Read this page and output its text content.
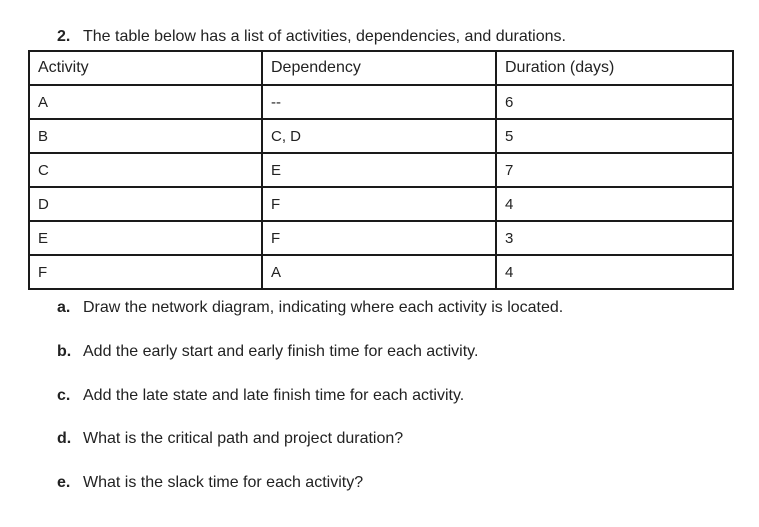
2. The table below has a list of activities, dependencies, and durations.
Activity	Dependency	Duration (days)
A	--	6
B	C, D	5
C	E	7
D	F	4
E	F	3
F	A	4
a. Draw the network diagram, indicating where each activity is located.
b. Add the early start and early finish time for each activity.
c. Add the late state and late finish time for each activity.
d. What is the critical path and project duration?
e. What is the slack time for each activity?
